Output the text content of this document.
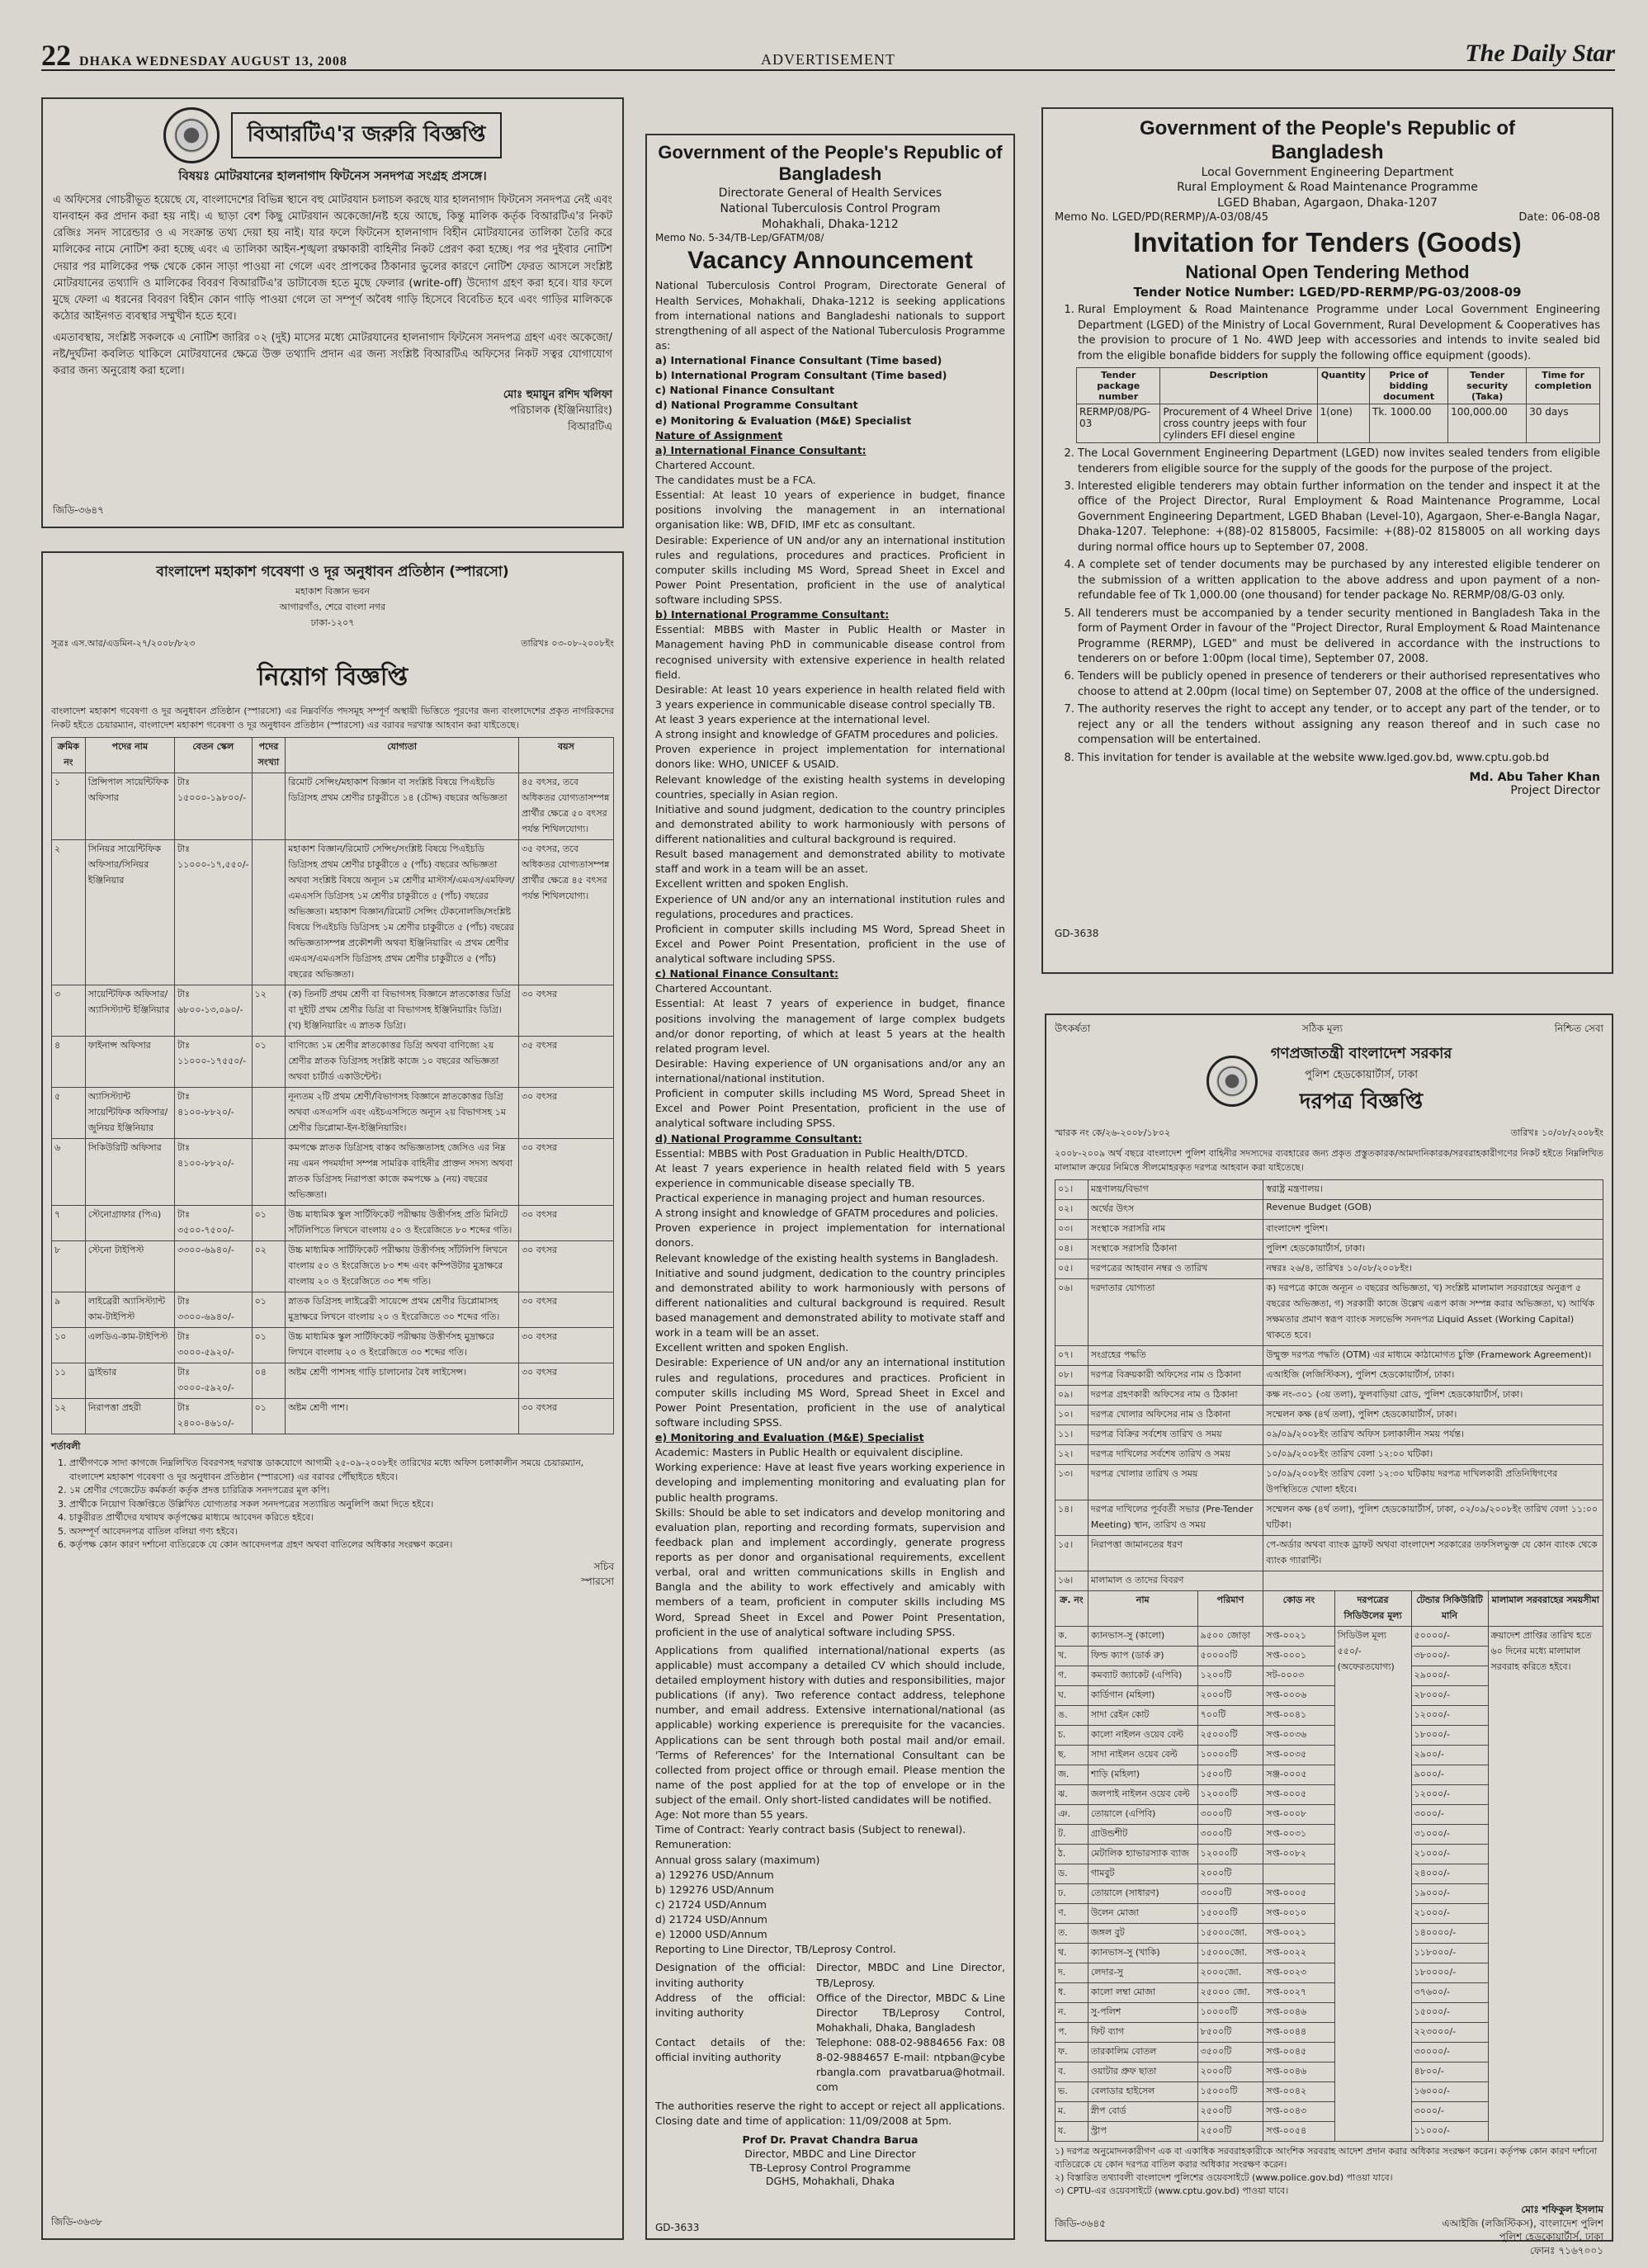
22 DHAKA WEDNESDAY AUGUST 13, 2008	ADVERTISEMENT	The Daily Star
বিআরটিএ'র জরুরি বিজ্ঞপ্তি
বিষয়ঃ মোটরযানের হালনাগাদ ফিটনেস সনদপত্র সংগ্রহ প্রসঙ্গে।
এ অফিসের গোচরীভূত হয়েছে যে, বাংলাদেশের বিভিন্ন স্থানে বহু মোটরযান চলাচল করছে যার হালনাগাদ ফিটনেস সনদপত্র নেই এবং যানবাহন কর প্রদান করা হয় নাই। এ ছাড়া বেশ কিছু মোটরযান অকেজো/নষ্ট হয়ে আছে, কিন্তু মালিক কর্তৃক বিআরটিএ'র নিকট রেজিঃ সনদ সারেন্ডার ও এ সংক্রান্ত তথ্য দেয়া হয় নাই। যার ফলে ফিটনেস হালনাগাদ বিহীন মোটরযানের তালিকা তৈরি করে মালিকের নামে নোটিশ করা হচ্ছে এবং এ তালিকা আইন-শৃঙ্খলা রক্ষাকারী বাহিনীর নিকট প্রেরণ করা হচ্ছে। পর পর দুইবার নোটিশ দেয়ার পর মালিকের পক্ষ থেকে কোন সাড়া পাওয়া না গেলে এবং প্রাপকের ঠিকানার ভুলের কারণে নোটিশ ফেরত আসলে সংশ্লিষ্ট মোটরযানের তথ্যাদি ও মালিকের বিবরণ বিআরটিএ'র ডাটাবেজ হতে মুছে ফেলার (write-off) উদ্যোগ গ্রহণ করা হবে। যার ফলে মুছে ফেলা এ ধরনের বিবরণ বিহীন কোন গাড়ি পাওয়া গেলে তা সম্পূর্ণ অবৈধ গাড়ি হিসেবে বিবেচিত হবে এবং গাড়ির মালিককে কঠোর আইনগত ব্যবস্থার সম্মুখীন হতে হবে।
এমতাবস্থায়, সংশ্লিষ্ট সকলকে এ নোটিশ জারির ০২ (দুই) মাসের মধ্যে মোটরযানের হালনাগাদ ফিটনেস সনদপত্র গ্রহণ এবং অকেজো/নষ্ট/দুর্ঘটনা কবলিত থাকিলে মোটরযানের ক্ষেত্রে উক্ত তথ্যাদি প্রদান এর জন্য সংশ্লিষ্ট বিআরটিএ অফিসের নিকট সত্বর যোগাযোগ করার জন্য অনুরোধ করা হলো।
মোঃ হুমায়ুন রশিদ খলিফা
পরিচালক (ইঞ্জিনিয়ারিং)
বিআরটিএ
জিডি-৩৬৪৭
বাংলাদেশ মহাকাশ গবেষণা ও দূর অনুধাবন প্রতিষ্ঠান (স্পারসো)
মহাকাশ বিজ্ঞান ভবন
আগারগাঁও, শেরে বাংলা নগর
ঢাকা-১২০৭
সূত্রঃ এস.আর/এডমিন-২৭/২০০৮/৮২৩	তারিখঃ ০৩-০৮-২০০৮ইং
নিয়োগ বিজ্ঞপ্তি
বাংলাদেশ মহাকাশ গবেষণা ও দূর অনুধাবন প্রতিষ্ঠান (স্পারসো) এর নিম্নবর্ণিত পদসমূহ সম্পূর্ণ অস্থায়ী ভিত্তিতে পূরণের জন্য বাংলাদেশের প্রকৃত নাগরিকদের নিকট হইতে চেয়ারম্যান, বাংলাদেশ মহাকাশ গবেষণা ও দূর অনুধাবন প্রতিষ্ঠান (স্পারসো) এর বরাবর দরখাস্ত আহবান করা যাইতেছে।
ক্রমিক নং	পদের নাম	বেতন স্কেল	পদের সংখ্যা	যোগ্যতা	বয়স
১	প্রিন্সিপাল সায়েন্টিফিক অফিসার	টাঃ ১৫০০০-১৯৮০০/-		রিমোট সেন্সিং/মহাকাশ বিজ্ঞান বা সংশ্লিষ্ট বিষয়ে পিএইচডি ডিগ্রিসহ প্রথম শ্রেণীর চাকুরীতে ১৪ (চৌদ্দ) বছরের অভিজ্ঞতা	৪৫ বৎসর, তবে অধিকতর যোগ্যতাসম্পন্ন প্রার্থীর ক্ষেত্রে ৫০ বৎসর পর্যন্ত শিথিলযোগ্য।
২	সিনিয়র সায়েন্টিফিক অফিসার/সিনিয়র ইঞ্জিনিয়ার	টাঃ ১১০০০-১৭,৫৫০/-		মহাকাশ বিজ্ঞান/রিমোট সেন্সিং/সংশ্লিষ্ট বিষয়ে পিএইচডি ডিগ্রিসহ প্রথম শ্রেণীর চাকুরীতে ৫ (পাঁচ) বছরের অভিজ্ঞতা অথবা সংশ্লিষ্ট বিষয়ে অন্যূন ১ম শ্রেণীর মাস্টার্স/এমএস/এমফিল/এমএসসি ডিগ্রিসহ ১ম শ্রেণীর চাকুরীতে ৫ (পাঁচ) বছরের অভিজ্ঞতা। মহাকাশ বিজ্ঞান/রিমোট সেন্সিং টেকনোলজি/সংশ্লিষ্ট বিষয়ে পিএইচডি ডিগ্রিসহ ১ম শ্রেণীর চাকুরীতে ৫ (পাঁচ) বছরের অভিজ্ঞতাসম্পন্ন প্রকৌশলী অথবা ইঞ্জিনিয়ারিং এ প্রথম শ্রেণীর এমএস/এমএসসি ডিগ্রিসহ প্রথম শ্রেণীর চাকুরীতে ৫ (পাঁচ) বছরের অভিজ্ঞতা।	৩৫ বৎসর, তবে অধিকতর যোগ্যতাসম্পন্ন প্রার্থীর ক্ষেত্রে ৪৫ বৎসর পর্যন্ত শিথিলযোগ্য।
৩	সায়েন্টিফিক অফিসার/অ্যাসিস্ট্যান্ট ইঞ্জিনিয়ার	টাঃ ৬৮০০-১৩,০৯০/-	১২	(ক) তিনটি প্রথম শ্রেণী বা বিভাগসহ বিজ্ঞানে স্নাতকোত্তর ডিগ্রি বা দুইটি প্রথম শ্রেণীর ডিগ্রি বা বিভাগসহ ইঞ্জিনিয়ারিং ডিগ্রি। (খ) ইঞ্জিনিয়ারিং এ স্নাতক ডিগ্রি।	৩০ বৎসর
৪	ফাইনান্স অফিসার	টাঃ ১১০০০-১৭৫৫০/-	০১	বাণিজ্যে ১ম শ্রেণীর স্নাতকোত্তর ডিগ্রি অথবা বাণিজ্যে ২য় শ্রেণীর স্নাতক ডিগ্রিসহ সংশ্লিষ্ট কাজে ১০ বছরের অভিজ্ঞতা অথবা চার্টার্ড একাউন্টেন্ট।	৩৫ বৎসর
৫	অ্যাসিস্ট্যান্ট সায়েন্টিফিক অফিসার/জুনিয়র ইঞ্জিনিয়ার	টাঃ ৪১০০-৮৮২০/-		নূন্যতম ২টি প্রথম শ্রেণী/বিভাগসহ বিজ্ঞানে স্নাতকোত্তর ডিগ্রি অথবা এসএসসি এবং এইচএসসিতে অন্যূন ২য় বিভাগসহ ১ম শ্রেণীর ডিপ্লোমা-ইন-ইঞ্জিনিয়ারিং।	৩০ বৎসর
৬	সিকিউরিটি অফিসার	টাঃ ৪১০০-৮৮২০/-		কমপক্ষে স্নাতক ডিগ্রিসহ বাস্তব অভিজ্ঞতাসহ জেসিও এর নিম্ন নয় এমন পদমর্যাদা সম্পন্ন সামরিক বাহিনীর প্রাক্তন সদস্য অথবা স্নাতক ডিগ্রিসহ নিরাপত্তা কাজে কমপক্ষে ৯ (নয়) বছরের অভিজ্ঞতা।	৩০ বৎসর
৭	স্টেনোগ্রাফার (পিএ)	টাঃ ৩৫০০-৭৫০০/-	০১	উচ্চ মাধ্যমিক স্কুল সার্টিফিকেট পরীক্ষায় উত্তীর্ণসহ প্রতি মিনিটে সাঁটলিপিতে লিখনে বাংলায় ৫০ ও ইংরেজিতে ৮০ শব্দের গতি।	৩০ বৎসর
৮	স্টেনো টাইপিস্ট	৩৩০০-৬৯৪০/-	০২	উচ্চ মাধ্যমিক সার্টিফিকেট পরীক্ষায় উত্তীর্ণসহ সাঁটলিপি লিখনে বাংলায় ৫০ ও ইংরেজিতে ৮০ শব্দ এবং কম্পিউটার মুদ্রাক্ষরে বাংলায় ২০ ও ইংরেজিতে ৩০ শব্দ গতি।	৩০ বৎসর
৯	লাইব্রেরী অ্যাসিস্ট্যান্ট কাম-টাইপিস্ট	টাঃ ৩৩০০-৬৯৪০/-	০১	স্নাতক ডিগ্রিসহ লাইব্রেরী সায়েন্সে প্রথম শ্রেণীর ডিপ্লোমাসহ মুদ্রাক্ষরে লিখনে বাংলায় ২০ ও ইংরেজিতে ৩০ শব্দের গতি।	৩০ বৎসর
১০	এলডিএ-কাম-টাইপিস্ট	টাঃ ৩০০০-৫৯২০/-	০১	উচ্চ মাধ্যমিক স্কুল সার্টিফিকেট পরীক্ষায় উত্তীর্ণসহ মুদ্রাক্ষরে লিখনে বাংলায় ২০ ও ইংরেজিতে ৩০ শব্দের গতি।	৩০ বৎসর
১১	ড্রাইভার	টাঃ ৩০০০-৫৯২০/-	০৪	অষ্টম শ্রেণী পাশসহ গাড়ি চালানোর বৈধ লাইসেন্স।	৩০ বৎসর
১২	নিরাপত্তা প্রহরী	টাঃ ২৪০০-৪৬১০/-	০১	অষ্টম শ্রেণী পাশ।	৩০ বৎসর
শর্তাবলী
1. প্রার্থীগণকে সাদা কাগজে নিম্নলিখিত বিবরণসহ দরখাস্ত ডাকযোগে আগামী ২৫-০৯-২০০৮ইং তারিখের মধ্যে অফিস চলাকালীন সময়ে চেয়ারম্যান, বাংলাদেশ মহাকাশ গবেষণা ও দূর অনুধাবন প্রতিষ্ঠান (স্পারসো) এর বরাবর পৌঁছাইতে হইবে।
2. ১ম শ্রেণীর গেজেটেড কর্মকর্তা কর্তৃক প্রদত্ত চারিত্রিক সনদপত্রের মূল কপি।
3. প্রার্থীকে নিয়োগ বিজ্ঞপ্তিতে উল্লিখিত যোগ্যতার সকল সনদপত্রের সত্যায়িত অনুলিপি জমা দিতে হইবে।
4. চাকুরীরত প্রার্থীদের যথাযথ কর্তৃপক্ষের মাধ্যমে আবেদন করিতে হইবে।
5. অসম্পূর্ণ আবেদনপত্র বাতিল বলিয়া গণ্য হইবে।
6. কর্তৃপক্ষ কোন কারণ দর্শানো ব্যতিরেকে যে কোন আবেদনপত্র গ্রহণ অথবা বাতিলের অধিকার সংরক্ষণ করেন।
সচিব
স্পারসো
জিডি-৩৬৩৮
Government of the People's Republic of Bangladesh
Directorate General of Health Services
National Tuberculosis Control Program
Mohakhali, Dhaka-1212
Memo No. 5-34/TB-Lep/GFATM/08/
Vacancy Announcement
National Tuberculosis Control Program, Directorate General of Health Services, Mohakhali, Dhaka-1212 is seeking applications from international nations and Bangladeshi nationals to support strengthening of all aspect of the National Tuberculosis Programme as:
a) International Finance Consultant (Time based)
b) International Program Consultant (Time based)
c) National Finance Consultant
d) National Programme Consultant
e) Monitoring & Evaluation (M&E) Specialist
Nature of Assignment
a) International Finance Consultant:
Chartered Account.
The candidates must be a FCA.
Essential: At least 10 years of experience in budget, finance positions involving the management in an international organisation like: WB, DFID, IMF etc as consultant.
Desirable: Experience of UN and/or any an international institution rules and regulations, procedures and practices. Proficient in computer skills including MS Word, Spread Sheet in Excel and Power Point Presentation, proficient in the use of analytical software including SPSS.
b) International Programme Consultant:
Essential: MBBS with Master in Public Health or Master in Management having PhD in communicable disease control from recognised university with extensive experience in health related field.
Desirable: At least 10 years experience in health related field with 3 years experience in communicable disease control specially TB.
At least 3 years experience at the international level.
A strong insight and knowledge of GFATM procedures and policies.
Proven experience in project implementation for international donors like: WHO, UNICEF & USAID.
Relevant knowledge of the existing health systems in developing countries, specially in Asian region.
Initiative and sound judgment, dedication to the country principles and demonstrated ability to work harmoniously with persons of different nationalities and cultural background is required.
Result based management and demonstrated ability to motivate staff and work in a team will be an asset.
Excellent written and spoken English.
Experience of UN and/or any an international institution rules and regulations, procedures and practices.
Proficient in computer skills including MS Word, Spread Sheet in Excel and Power Point Presentation, proficient in the use of analytical software including SPSS.
c) National Finance Consultant:
Chartered Accountant.
Essential: At least 7 years of experience in budget, finance positions involving the management of large complex budgets and/or donor reporting, of which at least 5 years at the health related program level.
Desirable: Having experience of UN organisations and/or any an international/national institution.
Proficient in computer skills including MS Word, Spread Sheet in Excel and Power Point Presentation, proficient in the use of analytical software including SPSS.
d) National Programme Consultant:
Essential: MBBS with Post Graduation in Public Health/DTCD.
At least 7 years experience in health related field with 5 years experience in communicable disease specially TB.
Practical experience in managing project and human resources.
A strong insight and knowledge of GFATM procedures and policies.
Proven experience in project implementation for international donors.
Relevant knowledge of the existing health systems in Bangladesh.
Initiative and sound judgment, dedication to the country principles and demonstrated ability to work harmoniously with persons of different nationalities and cultural background is required. Result based management and demonstrated ability to motivate staff and work in a team will be an asset.
Excellent written and spoken English.
Desirable: Experience of UN and/or any an international institution rules and regulations, procedures and practices. Proficient in computer skills including MS Word, Spread Sheet in Excel and Power Point Presentation, proficient in the use of analytical software including SPSS.
e) Monitoring and Evaluation (M&E) Specialist
Academic: Masters in Public Health or equivalent discipline.
Working experience: Have at least five years working experience in developing and implementing monitoring and evaluating plan for public health programs.
Skills: Should be able to set indicators and develop monitoring and evaluation plan, reporting and recording formats, supervision and feedback plan and implement accordingly, generate progress reports as per donor and organisational requirements, excellent verbal, oral and written communications skills in English and Bangla and the ability to work effectively and amicably with members of a team, proficient in computer skills including MS Word, Spread Sheet in Excel and Power Point Presentation, proficient in the use of analytical software including SPSS.
Applications from qualified international/national experts (as applicable) must accompany a detailed CV which should include, detailed employment history with duties and responsibilities, major publications (if any). Two reference contact address, telephone number, and email address. Extensive international/national (as applicable) working experience is prerequisite for the vacancies. Applications can be sent through both postal mail and/or email. 'Terms of References' for the International Consultant can be collected from project office or through email. Please mention the name of the post applied for at the top of envelope or in the subject of the email. Only short-listed candidates will be notified.
Age: Not more than 55 years.
Time of Contract: Yearly contract basis (Subject to renewal).
Remuneration:
Annual gross salary (maximum)
a) 129276 USD/Annum
b) 129276 USD/Annum
c) 21724 USD/Annum
d) 21724 USD/Annum
e) 12000 USD/Annum
Reporting to Line Director, TB/Leprosy Control.
Designation of the official inviting authority
:	Director, MBDC and Line Director, TB/Leprosy.
Address of the official inviting authority
:	Office of the Director, MBDC & Line Director TB/Leprosy Control, Mohakhali, Dhaka, Bangladesh
Contact details of the official inviting authority
:	Telephone: 088-02-9884656 Fax: 088-02-9884657 E-mail: ntpban@cyberbangla.com pravatbarua@hotmail.com
The authorities reserve the right to accept or reject all applications.
Closing date and time of application: 11/09/2008 at 5pm.
Prof Dr. Pravat Chandra Barua
Director, MBDC and Line Director
TB-Leprosy Control Programme
DGHS, Mohakhali, Dhaka
GD-3633
Government of the People's Republic of Bangladesh
Local Government Engineering Department
Rural Employment & Road Maintenance Programme
LGED Bhaban, Agargaon, Dhaka-1207
Memo No. LGED/PD(RERMP)/A-03/08/45	Date: 06-08-08
Invitation for Tenders (Goods)
National Open Tendering Method
Tender Notice Number: LGED/PD-RERMP/PG-03/2008-09
1. Rural Employment & Road Maintenance Programme under Local Government Engineering Department (LGED) of the Ministry of Local Government, Rural Development & Cooperatives has the provision to procure of 1 No. 4WD Jeep with accessories and intends to invite sealed bid from the eligible bonafide bidders for supply the following office equipment (goods).
Tender package number	Description	Quantity	Price of bidding document	Tender security (Taka)	Time for completion
RERMP/08/PG-03	Procurement of 4 Wheel Drive cross country jeeps with four cylinders EFI diesel engine	1(one)	Tk. 1000.00	100,000.00	30 days
2. The Local Government Engineering Department (LGED) now invites sealed tenders from eligible tenderers from eligible source for the supply of the goods for the purpose of the project.
3. Interested eligible tenderers may obtain further information on the tender and inspect it at the office of the Project Director, Rural Employment & Road Maintenance Programme, Local Government Engineering Department, LGED Bhaban (Level-10), Agargaon, Sher-e-Bangla Nagar, Dhaka-1207. Telephone: +(88)-02 8158005, Facsimile: +(88)-02 8158005 on all working days during normal office hours up to September 07, 2008.
4. A complete set of tender documents may be purchased by any interested eligible tenderer on the submission of a written application to the above address and upon payment of a non-refundable fee of Tk 1,000.00 (one thousand) for tender package No. RERMP/08/G-03 only.
5. All tenderers must be accompanied by a tender security mentioned in Bangladesh Taka in the form of Payment Order in favour of the "Project Director, Rural Employment & Road Maintenance Programme (RERMP), LGED" and must be delivered in accordance with the instructions to tenderers on or before 1:00pm (local time), September 07, 2008.
6. Tenders will be publicly opened in presence of tenderers or their authorised representatives who choose to attend at 2.00pm (local time) on September 07, 2008 at the office of the undersigned.
7. The authority reserves the right to accept any tender, or to accept any part of the tender, or to reject any or all the tenders without assigning any reason thereof and in such case no compensation will be entertained.
8. This invitation for tender is available at the website www.lged.gov.bd, www.cptu.gob.bd
Md. Abu Taher Khan
Project Director
GD-3638
উৎকর্ষতা	সঠিক মূল্য	নিশ্চিত সেবা
গণপ্রজাতন্ত্রী বাংলাদেশ সরকার
পুলিশ হেডকোয়ার্টার্স, ঢাকা
দরপত্র বিজ্ঞপ্তি
স্মারক নং কে/২৬-২০০৮/১৮০২	তারিখঃ ১০/০৮/২০০৮ইং
২০০৮-২০০৯ অর্থ বছরে বাংলাদেশ পুলিশ বাহিনীর সদস্যদের ব্যবহারের জন্য প্রকৃত প্রস্তুতকারক/আমদানিকারক/সরবরাহকারীগণের নিকট হইতে নিম্নলিখিত মালামাল ক্রয়ের নিমিত্তে সীলমোহরকৃত দরপত্র আহবান করা যাইতেছে।
০১।	মন্ত্রণালয়/বিভাগ	স্বরাষ্ট্র মন্ত্রণালয়।
০২।	অর্থের উৎস	Revenue Budget (GOB)
০৩।	সংস্থাকে সরাসরি নাম	বাংলাদেশ পুলিশ।
০৪।	সংস্থাকে সরাসরি ঠিকানা	পুলিশ হেডকোয়ার্টার্স, ঢাকা।
০৫।	দরপত্রের আহবান নম্বর ও তারিখ	নম্বরঃ ২৬/৪, তারিখঃ ১০/০৮/২০০৮ইং।
০৬।	দরদাতার যোগ্যতা	ক) দরপত্রে কাজে অন্যূন ৩ বছরের অভিজ্ঞতা, খ) সংশ্লিষ্ট মালামাল সরবরাহের অনুরূপ ৫ বছরের অভিজ্ঞতা, গ) সরকারী কাজে উল্লেখ এরূপ কাজ সম্পন্ন করার অভিজ্ঞতা, ঘ) আর্থিক সক্ষমতার প্রমাণ স্বরূপ ব্যাংক সলভেন্সি সনদপত্র Liquid Asset (Working Capital) থাকতে হবে।
০৭।	সংগ্রহের পদ্ধতি	উন্মুক্ত দরপত্র পদ্ধতি (OTM) এর মাধ্যমে কাঠামোগত চুক্তি (Framework Agreement)।
০৮।	দরপত্র বিক্রয়কারী অফিসের নাম ও ঠিকানা	এআইজি (লজিস্টিকস), পুলিশ হেডকোয়ার্টার্স, ঢাকা।
০৯।	দরপত্র গ্রহণকারী অফিসের নাম ও ঠিকানা	কক্ষ নং-৩০১ (৩য় তলা), ফুলবাড়িয়া রোড, পুলিশ হেডকোয়ার্টার্স, ঢাকা।
১০।	দরপত্র খোলার অফিসের নাম ও ঠিকানা	সম্মেলন কক্ষ (৪র্থ তলা), পুলিশ হেডকোয়ার্টার্স, ঢাকা।
১১।	দরপত্র বিক্রির সর্বশেষ তারিখ ও সময়	০৯/০৯/২০০৮ইং তারিখ অফিস চলাকালীন সময় পর্যন্ত।
১২।	দরপত্র দাখিলের সর্বশেষ তারিখ ও সময়	১০/০৯/২০০৮ইং তারিখ বেলা ১২:০০ ঘটিকা।
১৩।	দরপত্র খোলার তারিখ ও সময়	১০/০৯/২০০৮ইং তারিখ বেলা ১২:৩০ ঘটিকায় দরপত্র দাখিলকারী প্রতিনিধিগণের উপস্থিতিতে খোলা হইবে।
১৪।	দরপত্র দাখিলের পূর্ববর্তী সভার (Pre-Tender Meeting) স্থান, তারিখ ও সময়	সম্মেলন কক্ষ (৪র্থ তলা), পুলিশ হেডকোয়ার্টার্স, ঢাকা, ০২/০৯/২০০৮ইং তারিখ বেলা ১১:০০ ঘটিকা।
১৫।	নিরাপত্তা জামানতের ধরণ	পে-অর্ডার অথবা ব্যাংক ড্রাফট অথবা বাংলাদেশ সরকারের তফসিলভুক্ত যে কোন ব্যাংক থেকে ব্যাংক গ্যারান্টি।
১৬।	মালামাল ও তাদের বিবরণ	
ক্র. নং	নাম	পরিমাণ	কোড নং	দরপত্রের সিডিউলের মূল্য	টেন্ডার সিকিউরিটি মানি	মালামাল সরবরাহের সময়সীমা
ক.	ক্যানভাস-সু (কালো)	৯৫০০ জোড়া	সপ্ত-০০২১	সিডিউল মূল্য ৫৫০/- (অফেরতযোগ্য)	৫০০০০/-	ক্রয়াদেশ প্রাপ্তির তারিখ হতে ৬০ দিনের মধ্যে মালামাল সরবরাহ করিতে হইবে।
খ.	ফিল্ড ক্যাপ (ডার্ক রু)	৫০০০০টি	সপ্ত-০০০১		৩৮০০০/-	
গ.	কমব্যাট জ্যাকেট (এপিবি)	১২০০টি	সট-০০০৩		২৯০০০/-	
ঘ.	কার্ডিগান (মহিলা)	২০০০টি	সপ্ত-০০০৬		২৮০০০/-	
ঙ.	সাদা রেইন কোট	৭০০টি	সপ্ত-০০৪১		১২০০০/-	
চ.	কালো নাইলন ওয়েব বেল্ট	২৫০০০টি	সপ্ত-০০৩৬		১৮০০০/-	
ছ.	সাদা নাইলন ওয়েব বেল্ট	১০০০০টি	সপ্ত-০০৩৫		২৯০০/-	
জ.	শাড়ি (মহিলা)	১৫০০টি	সঞ্জ-০০০৫		৯০০০/-	
ঝ.	জলপাই নাইলন ওয়েব বেল্ট	১২০০০টি	সপ্ত-০০০৫		১২০০০/-	
ঞ.	তোয়ালে (এপিবি)	৩০০০টি	সপ্ত-০০০৮		৩০০০/-	
ট.	গ্রাউন্ডশীট	৩০০০টি	সপ্ত-০০৩১		৩১০০০/-	
ঠ.	মেটালিক হ্যাভারস্যাক ব্যাজ	১২০০০টি	সপ্ত-০০৮২		২১০০০/-	
ড.	গামবুট	২০০০টি			২৪০০০/-	
ঢ.	তোয়ালে (সাধারণ)	৩০০০টি	সপ্ত-০০০৫		১৯০০০/-	
ণ.	উলেন মোজা	১৫০০০টি	সপ্ত-০০১০		২১০০০/-	
ত.	জঙ্গল বুট	১৫০০০জো.	সপ্ত-০০২১		১৪০০০০/-	
থ.	ক্যানভাস-সু (খাকি)	১৫০০০জো.	সপ্ত-০০২২		১১৮০০০/-	
দ.	লেদার-সু	২০০০জো.	সপ্ত-০০২৩		১৮০০০০/-	
ধ.	কালো লম্বা মোজা	২৫০০০ জো.	সপ্ত-০০২৭		৩৭৬০০/-	
ন.	সু-পলিশ	১০০০০টি	সপ্ত-০০৪৬		১৫০০০/-	
প.	ফিট ব্যাগ	৮৫০০টি	সপ্ত-০০৪৪		২২৩০০০/-	
ফ.	তারকালিম বোতল	৩৫০০টি	সপ্ত-০০৪৫		৩০০০০/-	
ব.	ওয়াটার প্রুফ ছাতা	২০০০টি	সপ্ত-০০৪৬		৪৮০০/-	
ভ.	বেলাডার হাইসেল	১৫০০০টি	সপ্ত-০০৪২		১৬০০০/-	
ম.	স্নীপ বোর্ড	২৫০০টি	সপ্ত-০০৪৩		৩০০০/-	
য.	স্ট্রাপ	২৫০০টি	সপ্ত-০০৫৪		১১০০০/-	
১) দরপত্র অনুমোদনকারীগণ এক বা একাধিক সরবরাহকারীকে আংশিক সরবরাহ আদেশ প্রদান করার অধিকার সংরক্ষণ করেন। কর্তৃপক্ষ কোন কারণ দর্শানো ব্যতিরেকে যে কোন দরপত্র বাতিল করার অধিকার সংরক্ষণ করেন।
২) বিস্তারিত তথ্যাবলী বাংলাদেশ পুলিশের ওয়েবসাইটে (www.police.gov.bd) পাওয়া যাবে।
৩) CPTU-এর ওয়েবসাইটে (www.cptu.gov.bd) পাওয়া যাবে।
মোঃ শফিকুল ইসলাম
এআইজি (লজিস্টিকস), বাংলাদেশ পুলিশ
পুলিশ হেডকোয়ার্টার্স, ঢাকা
ফোনঃ ৭১৬৭০০১
জিডি-৩৬৪৫
